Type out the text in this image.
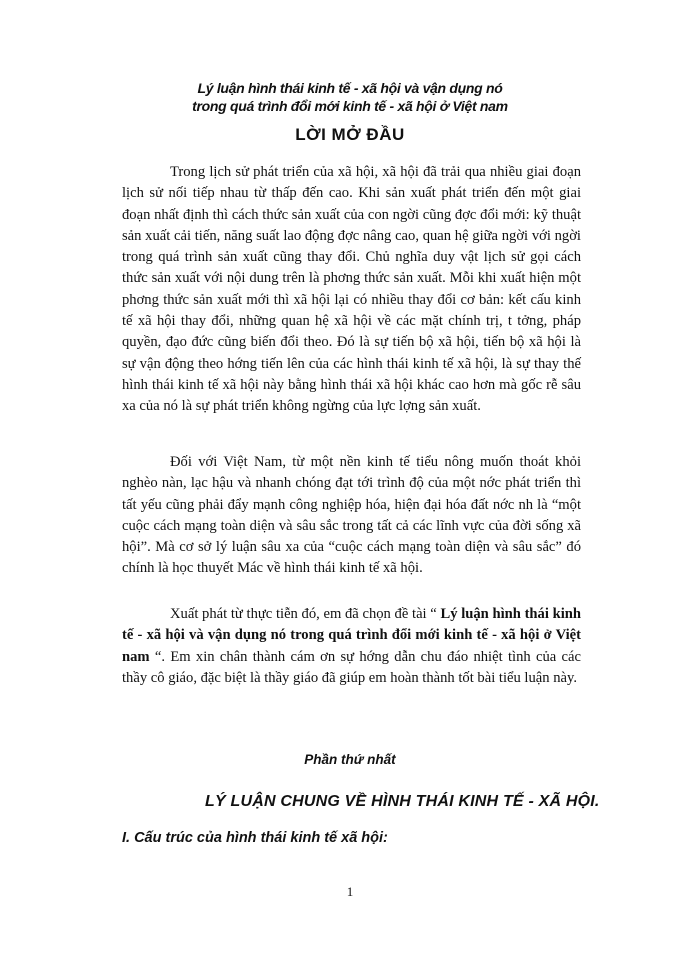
Lý luận hình thái kinh tế - xã hội và vận dụng nó
trong quá trình đổi mới kinh tế - xã hội ở Việt nam
LỜI MỞ ĐẦU

Trong lịch sử phát triển của xã hội, xã hội đã trải qua nhiều giai đoạn lịch sử nối tiếp nhau từ thấp đến cao. Khi sản xuất phát triển đến một giai đoạn nhất định thì cách thức sản xuất của con ngời cũng đợc đổi mới: kỹ thuật sản xuất cải tiến, năng suất lao động đợc nâng cao, quan hệ giữa ngời với ngời trong quá trình sản xuất cũng thay đổi. Chủ nghĩa duy vật lịch sử gọi cách thức sản xuất với nội dung trên là phơng thức sản xuất. Mỗi khi xuất hiện một phơng thức sản xuất mới thì xã hội lại có nhiều thay đổi cơ bản: kết cấu kinh tế xã hội thay đổi, những quan hệ xã hội về các mặt chính trị, t tởng, pháp quyền, đạo đức cũng biến đổi theo. Đó là sự tiến bộ xã hội, tiến bộ xã hội là sự vận động theo hớng tiến lên của các hình thái kinh tế xã hội, là sự thay thế hình thái kinh tế xã hội này bằng hình thái xã hội khác cao hơn mà gốc rễ sâu xa của nó là sự phát triển không ngừng của lực lợng sản xuất.

Đối với Việt Nam, từ một nền kinh tế tiểu nông muốn thoát khỏi nghèo nàn, lạc hậu và nhanh chóng đạt tới trình độ của một nớc phát triển thì tất yếu cũng phải đẩy mạnh công nghiệp hóa, hiện đại hóa đất nớc nh là “một cuộc cách mạng toàn diện và sâu sắc trong tất cả các lĩnh vực của đời sống xã hội”. Mà cơ sở lý luận sâu xa của “cuộc cách mạng toàn diện và sâu sắc” đó chính là học thuyết Mác về hình thái kinh tế xã hội.

Xuất phát từ thực tiễn đó, em đã chọn đề tài “ Lý luận hình thái kinh tế - xã hội và vận dụng nó trong quá trình đổi mới kinh tế - xã hội ở Việt nam “. Em xin chân thành cám ơn sự hớng dẫn chu đáo nhiệt tình của các thầy cô giáo, đặc biệt là thầy giáo đã giúp em hoàn thành tốt bài tiểu luận này.

Phần thứ nhất
LÝ LUẬN CHUNG VỀ HÌNH THÁI KINH TẾ - XÃ HỘI.
I. Cấu trúc của hình thái kinh tế xã hội:
1
